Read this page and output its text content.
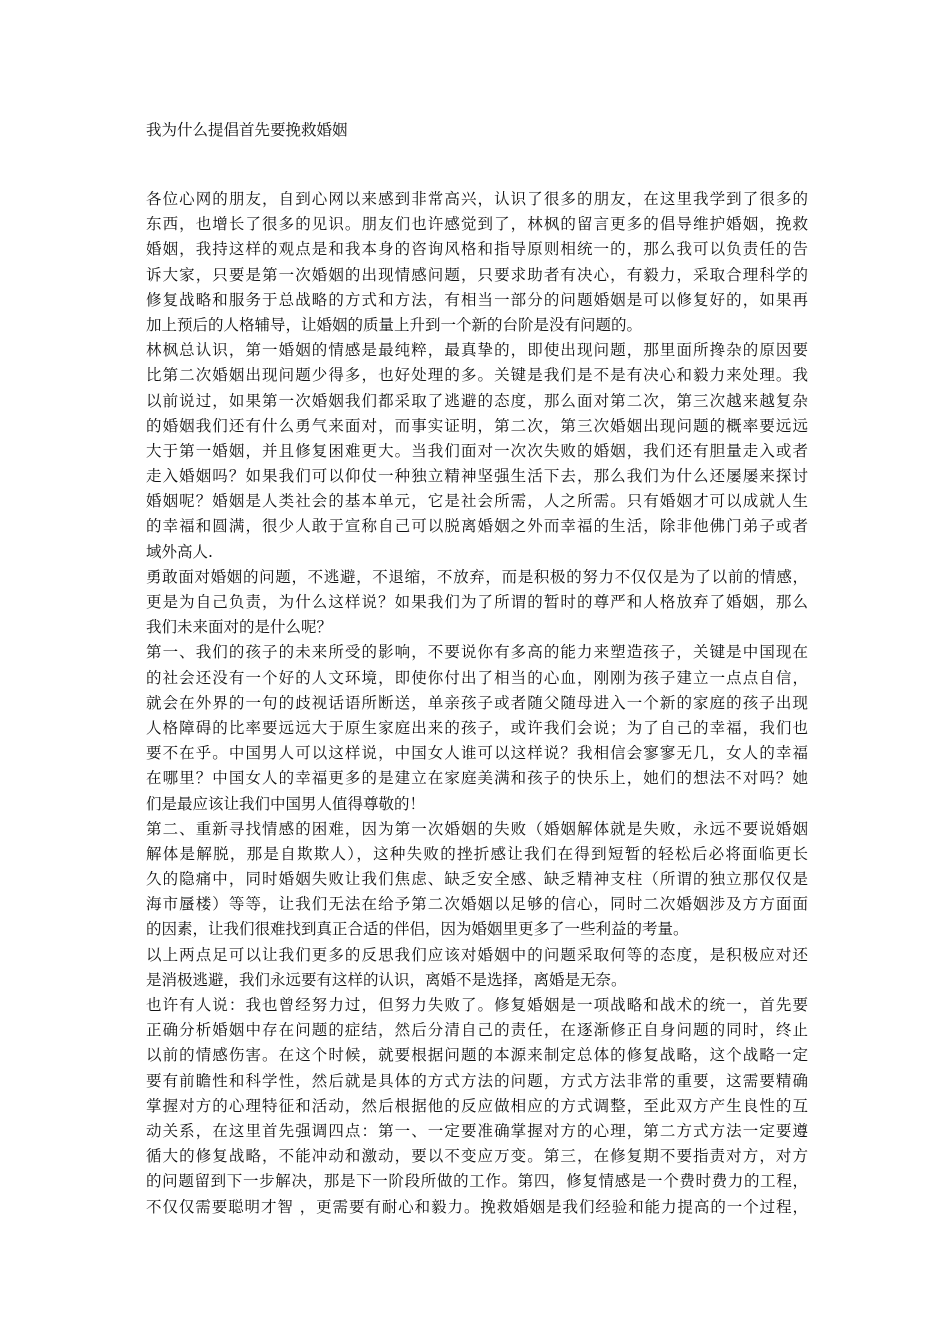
我为什么提倡首先要挽救婚姻
各位心网的朋友，自到心网以来感到非常高兴，认识了很多的朋友，在这里我学到了很多的
东西，也增长了很多的见识。朋友们也许感觉到了，林枫的留言更多的倡导维护婚姻，挽救
婚姻，我持这样的观点是和我本身的咨询风格和指导原则相统一的，那么我可以负责任的告
诉大家，只要是第一次婚姻的出现情感问题，只要求助者有决心，有毅力，采取合理科学的
修复战略和服务于总战略的方式和方法，有相当一部分的问题婚姻是可以修复好的，如果再
加上预后的人格辅导，让婚姻的质量上升到一个新的台阶是没有问题的。
林枫总认识，第一婚姻的情感是最纯粹，最真挚的，即使出现问题，那里面所搀杂的原因要
比第二次婚姻出现问题少得多，也好处理的多。关键是我们是不是有决心和毅力来处理。我
以前说过，如果第一次婚姻我们都采取了逃避的态度，那么面对第二次，第三次越来越复杂
的婚姻我们还有什么勇气来面对，而事实证明，第二次，第三次婚姻出现问题的概率要远远
大于第一婚姻，并且修复困难更大。当我们面对一次次失败的婚姻，我们还有胆量走入或者
走入婚姻吗？如果我们可以仰仗一种独立精神坚强生活下去，那么我们为什么还屡屡来探讨
婚姻呢？婚姻是人类社会的基本单元，它是社会所需，人之所需。只有婚姻才可以成就人生
的幸福和圆满，很少人敢于宣称自己可以脱离婚姻之外而幸福的生活，除非他佛门弟子或者
域外高人.
勇敢面对婚姻的问题，不逃避，不退缩，不放弃，而是积极的努力不仅仅是为了以前的情感，
更是为自己负责，为什么这样说？如果我们为了所谓的暂时的尊严和人格放弃了婚姻，那么
我们未来面对的是什么呢？
第一、我们的孩子的未来所受的影响，不要说你有多高的能力来塑造孩子，关键是中国现在
的社会还没有一个好的人文环境，即使你付出了相当的心血，刚刚为孩子建立一点点自信，
就会在外界的一句的歧视话语所断送，单亲孩子或者随父随母进入一个新的家庭的孩子出现
人格障碍的比率要远远大于原生家庭出来的孩子，或许我们会说；为了自己的幸福，我们也
要不在乎。中国男人可以这样说，中国女人谁可以这样说？我相信会寥寥无几，女人的幸福
在哪里？中国女人的幸福更多的是建立在家庭美满和孩子的快乐上，她们的想法不对吗？她
们是最应该让我们中国男人值得尊敬的！
第二、重新寻找情感的困难，因为第一次婚姻的失败（婚姻解体就是失败，永远不要说婚姻
解体是解脱，那是自欺欺人），这种失败的挫折感让我们在得到短暂的轻松后必将面临更长
久的隐痛中，同时婚姻失败让我们焦虑、缺乏安全感、缺乏精神支柱（所谓的独立那仅仅是
海市蜃楼）等等，让我们无法在给予第二次婚姻以足够的信心，同时二次婚姻涉及方方面面
的因素，让我们很难找到真正合适的伴侣，因为婚姻里更多了一些利益的考量。
以上两点足可以让我们更多的反思我们应该对婚姻中的问题采取何等的态度，是积极应对还
是消极逃避，我们永远要有这样的认识，离婚不是选择，离婚是无奈。
也许有人说：我也曾经努力过，但努力失败了。修复婚姻是一项战略和战术的统一，首先要
正确分析婚姻中存在问题的症结，然后分清自己的责任，在逐渐修正自身问题的同时，终止
以前的情感伤害。在这个时候，就要根据问题的本源来制定总体的修复战略，这个战略一定
要有前瞻性和科学性，然后就是具体的方式方法的问题，方式方法非常的重要，这需要精确
掌握对方的心理特征和活动，然后根据他的反应做相应的方式调整，至此双方产生良性的互
动关系，在这里首先强调四点：第一、一定要准确掌握对方的心理，第二方式方法一定要遵
循大的修复战略，不能冲动和激动，要以不变应万变。第三，在修复期不要指责对方，对方
的问题留到下一步解决，那是下一阶段所做的工作。第四，修复情感是一个费时费力的工程，
不仅仅需要聪明才智 ，更需要有耐心和毅力。挽救婚姻是我们经验和能力提高的一个过程，
